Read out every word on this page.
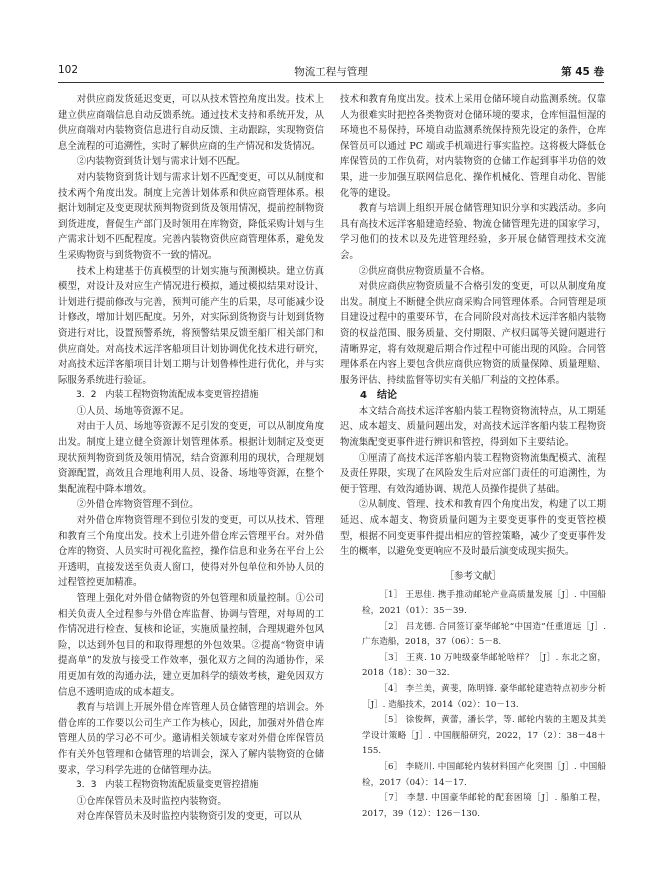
102	物流工程与管理	第 45 卷

对供应商发货延迟变更，可以从技术管控角度出发。技术上建立供应商端信息自动反馈系统。通过技术支持和系统开发，从供应商端对内装物资信息进行自动反馈、主动跟踪，实现物资信息全流程的可追溯性，实时了解供应商的生产情况和发货情况。

②内装物资到货计划与需求计划不匹配。

对内装物资到货计划与需求计划不匹配变更，可以从制度和技术两个角度出发。制度上完善计划体系和供应商管理体系。根据计划制定及变更现状预判物资到货及领用情况，提前控制物资到货进度，督促生产部门及时领用在库物资，降低采购计划与生产需求计划不匹配程度。完善内装物资供应商管理体系，避免发生采购物资与到货物资不一致的情况。

技术上构建基于仿真模型的计划实施与预测模块。建立仿真模型，对设计及对应生产情况进行模拟，通过模拟结果对设计、计划进行提前修改与完善，预判可能产生的后果，尽可能减少设计修改，增加计划匹配度。另外，对实际到货物资与计划到货物资进行对比，设置预警系统，将预警结果反馈至船厂相关部门和供应商处。对高技术远洋客船项目计划协调优化技术进行研究，对高技术远洋客船项目计划工期与计划鲁棒性进行优化，并与实际服务系统进行验证。

3．2　内装工程物资物流配成本变更管控措施

①人员、场地等资源不足。

对由于人员、场地等资源不足引发的变更，可以从制度角度出发。制度上建立健全资源计划管理体系。根据计划制定及变更现状预判物资到货及领用情况，结合资源利用的现状，合理规划资源配置，高效且合理地利用人员、设备、场地等资源，在整个集配流程中降本增效。

②外借仓库物资管理不到位。

对外借仓库物资管理不到位引发的变更，可以从技术、管理和教育三个角度出发。技术上引进外借仓库云管理平台。对外借仓库的物资、人员实时可视化监控，操作信息和业务在平台上公开透明，直接发送至负责人窗口，使得对外包单位和外协人员的过程管控更加精准。

管理上强化对外借仓储物资的外包管理和质量控制。①公司相关负责人全过程参与外借仓库监督、协调与管理，对每周的工作情况进行检查、复核和论证，实施质量控制，合理规避外包风险，以达到外包目的和取得理想的外包效果。②提高“物资申请提高单”的发放与接受工作效率，强化双方之间的沟通协作，采用更加有效的沟通办法，建立更加科学的绩效考核，避免因双方信息不透明造成的成本超支。

教育与培训上开展外借仓库管理人员仓储管理的培训会。外借仓库的工作要以公司生产工作为核心，因此，加强对外借仓库管理人员的学习必不可少。邀请相关领域专家对外借仓库保管员作有关外包管理和仓储管理的培训会，深入了解内装物资的仓储要求，学习科学先进的仓储管理办法。

3．3　内装工程物资物流配质量变更管控措施

①仓库保管员未及时监控内装物资。

对仓库保管员未及时监控内装物资引发的变更，可以从

技术和教育角度出发。技术上采用仓储环境自动监测系统。仅靠人为很难实时把控各类物资对仓储环境的要求，仓库恒温恒湿的环境也不易保持，环境自动监测系统保持预先设定的条件，仓库保管员可以通过 PC 端或手机端进行事实监控。这将极大降低仓库保管员的工作负荷，对内装物资的仓储工作起到事半功倍的效果，进一步加强互联网信息化、操作机械化、管理自动化、智能化等的建设。

教育与培训上组织开展仓储管理知识分享和实践活动。多向具有高技术远洋客船建造经验、物流仓储管理先进的国家学习，学习他们的技术以及先进管理经验，多开展仓储管理技术交流会。

②供应商供应物资质量不合格。

对供应商供应物资质量不合格引发的变更，可以从制度角度出发。制度上不断健全供应商采购合同管理体系。合同管理是项目建设过程中的重要环节，在合同阶段对高技术远洋客船内装物资的权益范围、服务质量、交付期限、产权归属等关键问题进行清晰界定，将有效规避后期合作过程中可能出现的风险。合同管理体系在内容上要包含供应商供应物资的质量保障、质量理赔、服务评估、持续监督等切实有关船厂利益的文控体系。

4　结论

本文结合高技术远洋客船内装工程物资物流特点，从工期延迟、成本超支、质量问题出发，对高技术远洋客船内装工程物资物流集配变更事件进行辨识和管控，得到如下主要结论。

①厘清了高技术远洋客船内装工程物资物流集配模式、流程及责任界限，实现了在风险发生后对应部门责任的可追溯性，为便于管理、有效沟通协调、规范人员操作提供了基础。

②从制度、管理、技术和教育四个角度出发，构建了以工期延迟、成本超支、物资质量问题为主要变更事件的变更管控模型，根据不同变更事件提出相应的管控策略，减少了变更事件发生的概率，以避免变更响应不及时最后演变成现实损失。

［参考文献］

［1］ 王思佳. 携手推动邮轮产业高质量发展［J］. 中国船检，2021（01）：35－39.

［2］ 吕龙德. 合同签订豪华邮轮“中国造”任重道远［J］. 广东造船，2018，37（06）：5－8.

［3］ 王爽. 10 万吨级豪华邮轮啥样？［J］. 东北之窗，2018（18）：30－32.

［4］ 李兰美，黄斐，陈明锋. 豪华邮轮建造特点初步分析［J］. 造船技术，2014（02）：10－13.

［5］ 徐俊辉，黄蕾，潘长学，等. 邮轮内装的主题及其美学设计策略［J］. 中国舰船研究，2022，17（2）：38－48＋155.

［6］ 李晓川. 中国邮轮内装材料国产化突围［J］. 中国船检，2017（04）：14－17.

［7］ 李慧. 中国豪华邮轮的配套困境［J］. 船舶工程，2017，39（12）：126－130.
